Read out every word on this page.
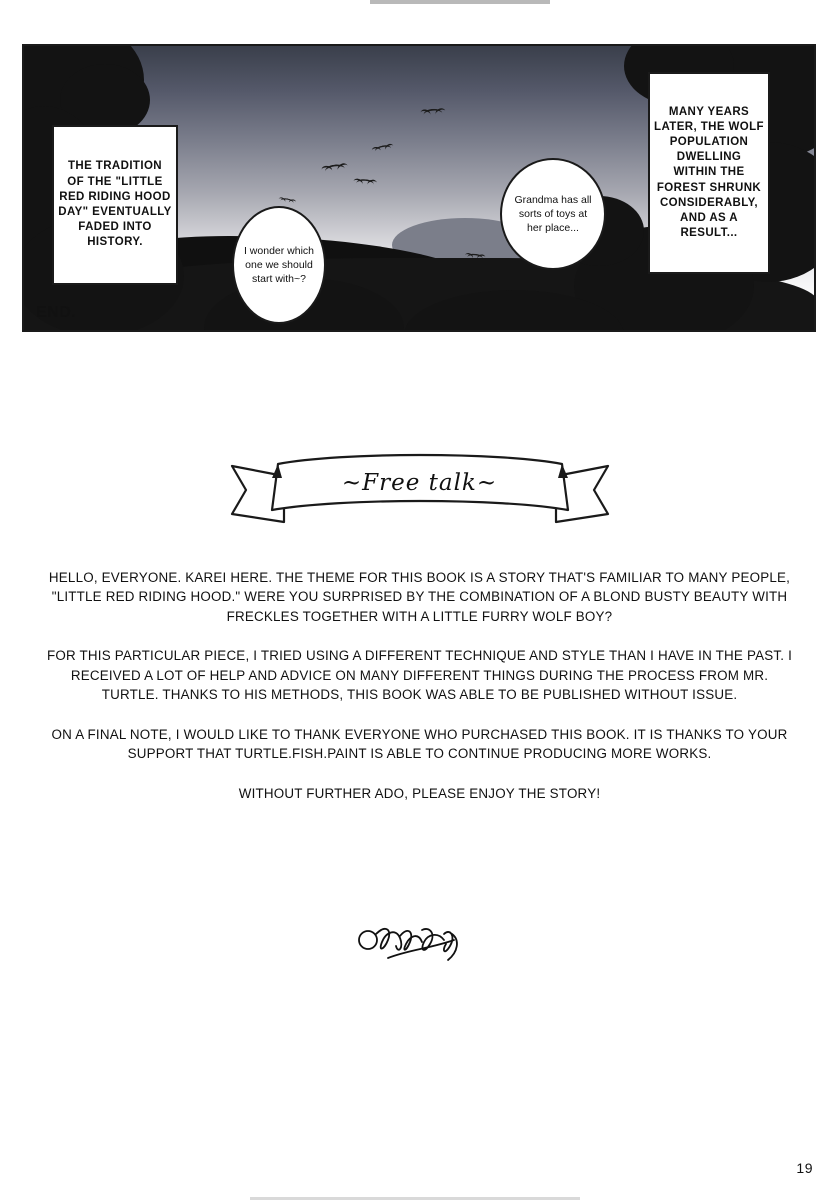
THE TRADITION OF THE "LITTLE RED RIDING HOOD DAY" EVENTUALLY FADED INTO HISTORY.
MANY YEARS LATER, THE WOLF POPULATION DWELLING WITHIN THE FOREST SHRUNK CONSIDERABLY, AND AS A RESULT...
I wonder which one we should start with~?
Grandma has all sorts of toys at her place...
END.
~Free talk~

HELLO, EVERYONE. KAREI HERE. THE THEME FOR THIS BOOK IS A STORY THAT'S FAMILIAR TO MANY PEOPLE, "LITTLE RED RIDING HOOD." WERE YOU SURPRISED BY THE COMBINATION OF A BLOND BUSTY BEAUTY WITH FRECKLES TOGETHER WITH A LITTLE FURRY WOLF BOY?

FOR THIS PARTICULAR PIECE, I TRIED USING A DIFFERENT TECHNIQUE AND STYLE THAN I HAVE IN THE PAST. I RECEIVED A LOT OF HELP AND ADVICE ON MANY DIFFERENT THINGS DURING THE PROCESS FROM MR. TURTLE. THANKS TO HIS METHODS, THIS BOOK WAS ABLE TO BE PUBLISHED WITHOUT ISSUE.

ON A FINAL NOTE, I WOULD LIKE TO THANK EVERYONE WHO PURCHASED THIS BOOK. IT IS THANKS TO YOUR SUPPORT THAT TURTLE.FISH.PAINT IS ABLE TO CONTINUE PRODUCING MORE WORKS.

WITHOUT FURTHER ADO, PLEASE ENJOY THE STORY!

19
